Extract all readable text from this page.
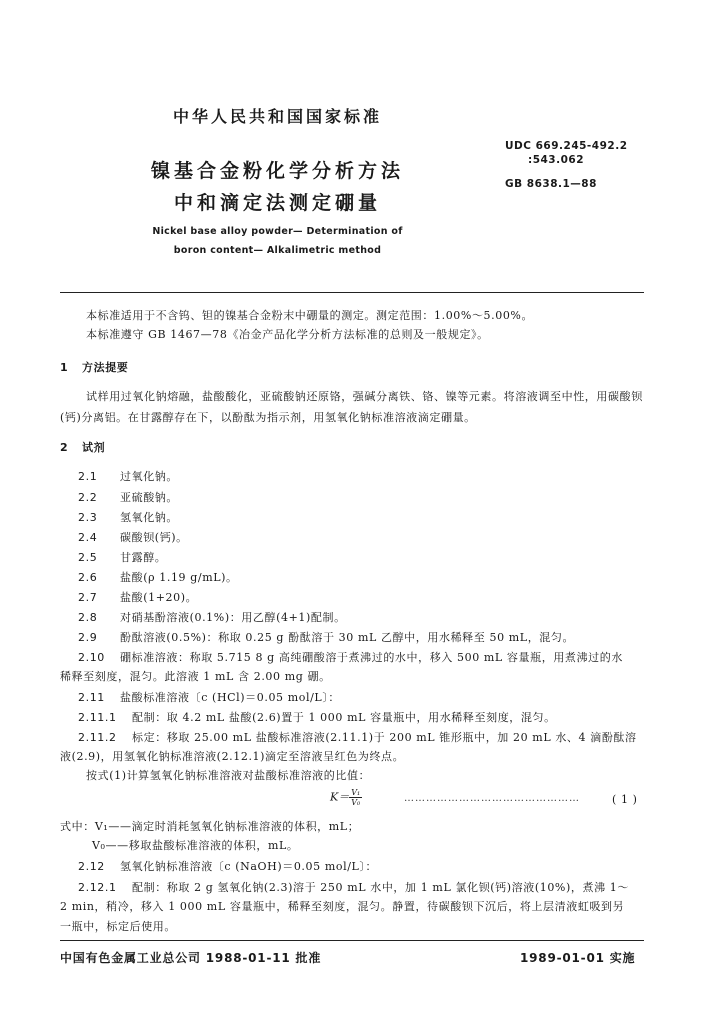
中华人民共和国国家标准
镍基合金粉化学分析方法
中和滴定法测定硼量
Nickel base alloy powder— Determination of
boron content— Alkalimetric method
UDC 669.245-492.2
:543.062
GB 8638.1—88

本标准适用于不含钨、钽的镍基合金粉末中硼量的测定。测定范围：1.00%～5.00%。

本标准遵守 GB 1467—78《冶金产品化学分析方法标准的总则及一般规定》。

1 方法提要

试样用过氧化钠熔融，盐酸酸化，亚硫酸钠还原铬，强碱分离铁、铬、镍等元素。将溶液调至中性，用碳酸钡(钙)分离铝。在甘露醇存在下，以酚酞为指示剂，用氢氧化钠标准溶液滴定硼量。

2 试剂
2.1 过氧化钠。
2.2 亚硫酸钠。
2.3 氢氧化钠。
2.4 碳酸钡(钙)。
2.5 甘露醇。
2.6 盐酸(ρ 1.19 g/mL)。
2.7 盐酸(1+20)。
2.8 对硝基酚溶液(0.1%)：用乙醇(4+1)配制。
2.9 酚酞溶液(0.5%)：称取 0.25 g 酚酞溶于 30 mL 乙醇中，用水稀释至 50 mL，混匀。
2.10 硼标准溶液：称取 5.715 8 g 高纯硼酸溶于煮沸过的水中，移入 500 mL 容量瓶，用煮沸过的水
稀释至刻度，混匀。此溶液 1 mL 含 2.00 mg 硼。
2.11 盐酸标准溶液〔c (HCl)＝0.05 mol/L〕：
2.11.1 配制：取 4.2 mL 盐酸(2.6)置于 1 000 mL 容量瓶中，用水稀释至刻度，混匀。
2.11.2 标定：移取 25.00 mL 盐酸标准溶液(2.11.1)于 200 mL 锥形瓶中，加 20 mL 水、4 滴酚酞溶
液(2.9)，用氢氧化钠标准溶液(2.12.1)滴定至溶液呈红色为终点。
按式(1)计算氢氧化钠标准溶液对盐酸标准溶液的比值：
$K= \frac{\text{V₁}}{\text{V₀}}$	…………………………………………	( 1 )
式中：V₁——滴定时消耗氢氧化钠标准溶液的体积，mL；
V₀——移取盐酸标准溶液的体积，mL。
2.12 氢氧化钠标准溶液〔c (NaOH)＝0.05 mol/L〕：
2.12.1 配制：称取 2 g 氢氧化钠(2.3)溶于 250 mL 水中，加 1 mL 氯化钡(钙)溶液(10%)，煮沸 1～
2 min，稍冷，移入 1 000 mL 容量瓶中，稀释至刻度，混匀。静置，待碳酸钡下沉后，将上层清液虹吸到另
一瓶中，标定后使用。
中国有色金属工业总公司 1988-01-11 批准	1989-01-01 实施
